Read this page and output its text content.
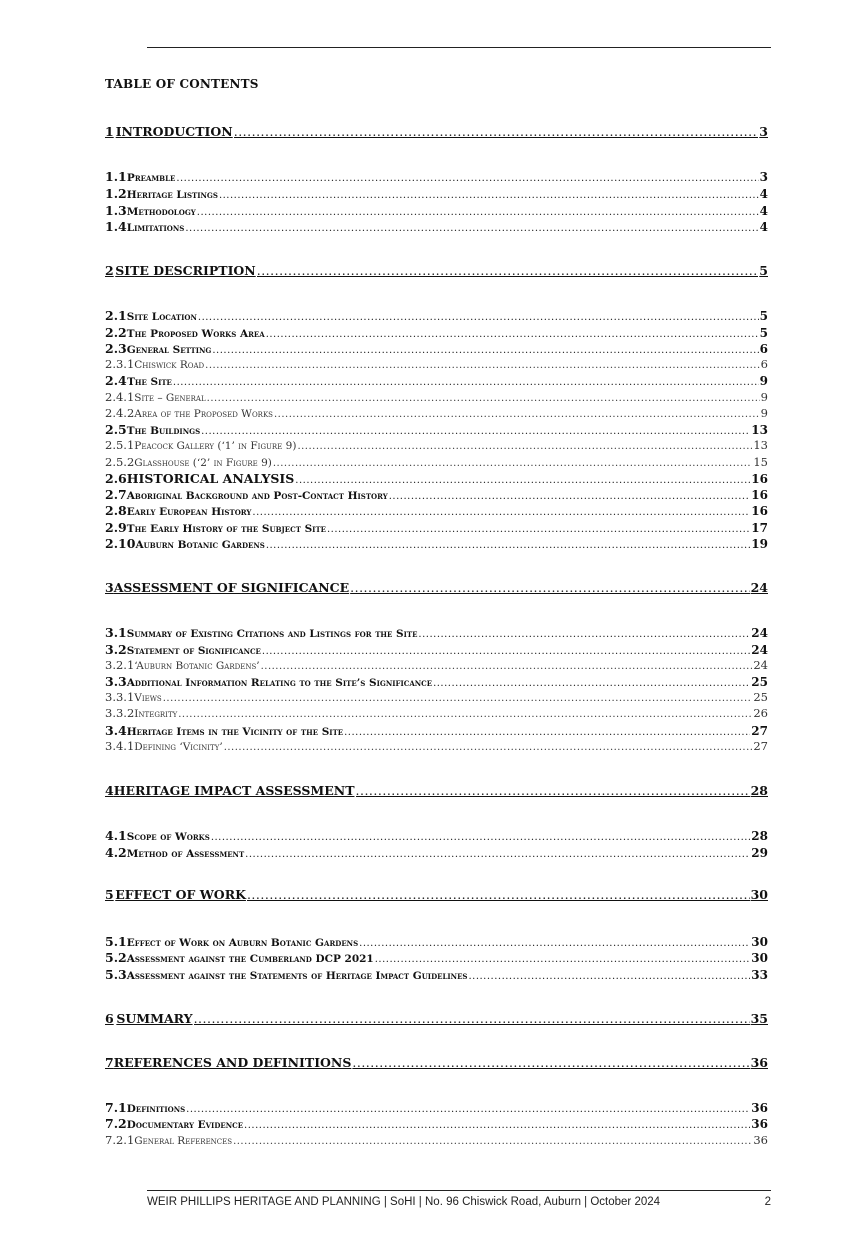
TABLE OF CONTENTS
1 INTRODUCTION .....	3
1.1 Preamble .....	3
1.2 Heritage Listings .....	4
1.3 Methodology .....	4
1.4 Limitations .....	4
2 SITE DESCRIPTION .....	5
2.1 Site Location .....	5
2.2 The Proposed Works Area .....	5
2.3 General Setting .....	6
2.3.1 Chiswick Road .....	6
2.4 The Site .....	9
2.4.1 Site – General .....	9
2.4.2 Area of the Proposed Works .....	9
2.5 The Buildings .....	13
2.5.1 Peacock Gallery (‘1’ in Figure 9) .....	13
2.5.2 Glasshouse (‘2’ in Figure 9) .....	15
2.6 HISTORICAL ANALYSIS .....	16
2.7 Aboriginal Background and Post-Contact History .....	16
2.8 Early European History .....	16
2.9 The Early History of the Subject Site .....	17
2.10 Auburn Botanic Gardens .....	19
3 ASSESSMENT OF SIGNIFICANCE .....	24
3.1 Summary of Existing Citations and Listings for the Site .....	24
3.2 Statement of Significance .....	24
3.2.1 ‘Auburn Botanic Gardens’ .....	24
3.3 Additional Information Relating to the Site’s Significance .....	25
3.3.1 Views .....	25
3.3.2 Integrity .....	26
3.4 Heritage Items in the Vicinity of the Site .....	27
3.4.1 Defining ‘Vicinity’ .....	27
4 HERITAGE IMPACT ASSESSMENT .....	28
4.1 Scope of Works .....	28
4.2 Method of Assessment .....	29
5 EFFECT OF WORK .....	30
5.1 Effect of Work on Auburn Botanic Gardens .....	30
5.2 Assessment against the Cumberland DCP 2021 .....	30
5.3 Assessment against the Statements of Heritage Impact Guidelines .....	33
6 SUMMARY .....	35
7 REFERENCES AND DEFINITIONS .....	36
7.1 Definitions .....	36
7.2 Documentary Evidence .....	36
7.2.1 General References .....	36
WEIR PHILLIPS HERITAGE AND PLANNING | SoHI | No. 96 Chiswick Road, Auburn | October 2024	2
